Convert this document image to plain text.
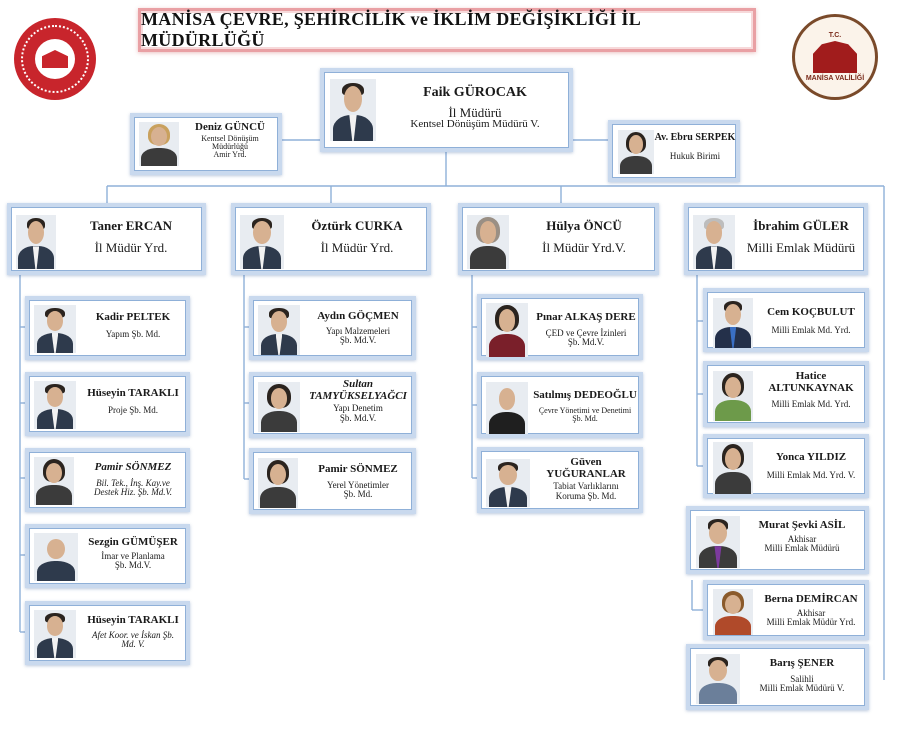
MANİSA ÇEVRE, ŞEHİRCİLİK ve İKLİM DEĞİŞİKLİĞİ İL MÜDÜRLÜĞÜ	T.C.
MANİSA VALİLİĞİ
Faik GÜROCAK
İl Müdürü
Kentsel Dönüşüm Müdürü V.
Deniz GÜNCÜ
Kentsel Dönüşüm
Müdürlüğü
Amir Yrd.
Av. Ebru SERPEK
Hukuk Birimi
Taner ERCAN
İl Müdür Yrd.
Öztürk CURKA
İl Müdür Yrd.
Hülya ÖNCÜ
İl Müdür Yrd.V.
İbrahim GÜLER
Milli Emlak Müdürü
Kadir PELTEK
Yapım Şb. Md.
Hüseyin TARAKLI
Proje Şb. Md.
Pamir SÖNMEZ
Bil. Tek., İnş. Kay.ve
Destek Hiz. Şb. Md.V.
Sezgin GÜMÜŞER
İmar ve Planlama
Şb. Md.V.
Hüseyin TARAKLI
Afet Koor. ve İskan Şb.
Md. V.
Aydın GÖÇMEN
Yapı Malzemeleri
Şb. Md.V.
Sultan
TAMYÜKSELYAĞCI
Yapı Denetim
Şb. Md.V.
Pamir SÖNMEZ
Yerel Yönetimler
Şb. Md.
Pınar ALKAŞ DERE
ÇED ve Çevre İzinleri
Şb. Md.V.
Satılmış DEDEOĞLU
Çevre Yönetimi ve Denetimi
Şb. Md.
Güven
YUĞURANLAR
Tabiat Varlıklarını
Koruma Şb. Md.
Cem KOÇBULUT
Milli Emlak Md. Yrd.
Hatice
ALTUNKAYNAK
Milli Emlak Md. Yrd.
Yonca YILDIZ
Milli Emlak Md. Yrd. V.
Murat Şevki ASİL
Akhisar
Milli Emlak Müdürü
Berna DEMİRCAN
Akhisar
Milli Emlak Müdür Yrd.
Barış ŞENER
Salihli
Milli Emlak Müdürü V.
